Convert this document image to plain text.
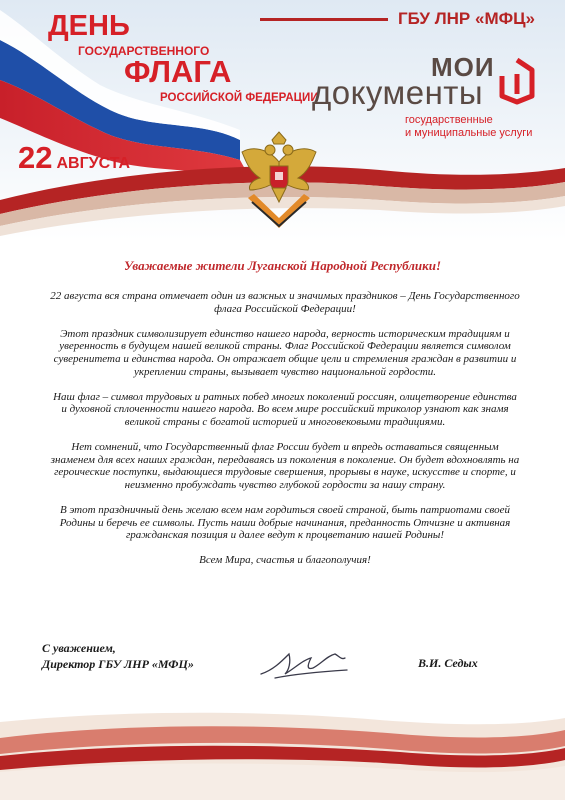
ДЕНЬ
ГОСУДАРСТВЕННОГО
ФЛАГА
РОССИЙСКОЙ ФЕДЕРАЦИИ
22 АВГУСТА
ГБУ ЛНР «МФЦ»
МОИ
документы
государственные
и муниципальные услуги
Уважаемые жители Луганской Народной Республики!

22 августа вся страна отмечает один из важных и значимых праздников – День Государственного флага Российской Федерации!

Этот праздник символизирует единство нашего народа, верность историческим традициям и уверенность в будущем нашей великой страны. Флаг Российской Федерации является символом суверенитета и единства народа. Он отражает общие цели и стремления граждан в развитии и укреплении страны, вызывает чувство национальной гордости.

Наш флаг – символ трудовых и ратных побед многих поколений россиян, олицетворение единства и духовной сплоченности нашего народа. Во всем мире российский триколор узнают как знамя великой страны с богатой историей и многовековыми традициями.

Нет сомнений, что Государственный флаг России будет и впредь оставаться священным знаменем для всех наших граждан, передаваясь из поколения в поколение. Он будет вдохновлять на героические поступки, выдающиеся трудовые свершения, прорывы в науке, искусстве и спорте, и неизменно пробуждать чувство глубокой гордости за нашу страну.

В этот праздничный день желаю всем нам гордиться своей страной, быть патриотами своей Родины и беречь ее символы. Пусть наши добрые начинания, преданность Отчизне и активная гражданская позиция и далее ведут к процветанию нашей Родины!

Всем Мира, счастья и благополучия!

С уважением,
Директор ГБУ ЛНР «МФЦ»	В.И. Седых
